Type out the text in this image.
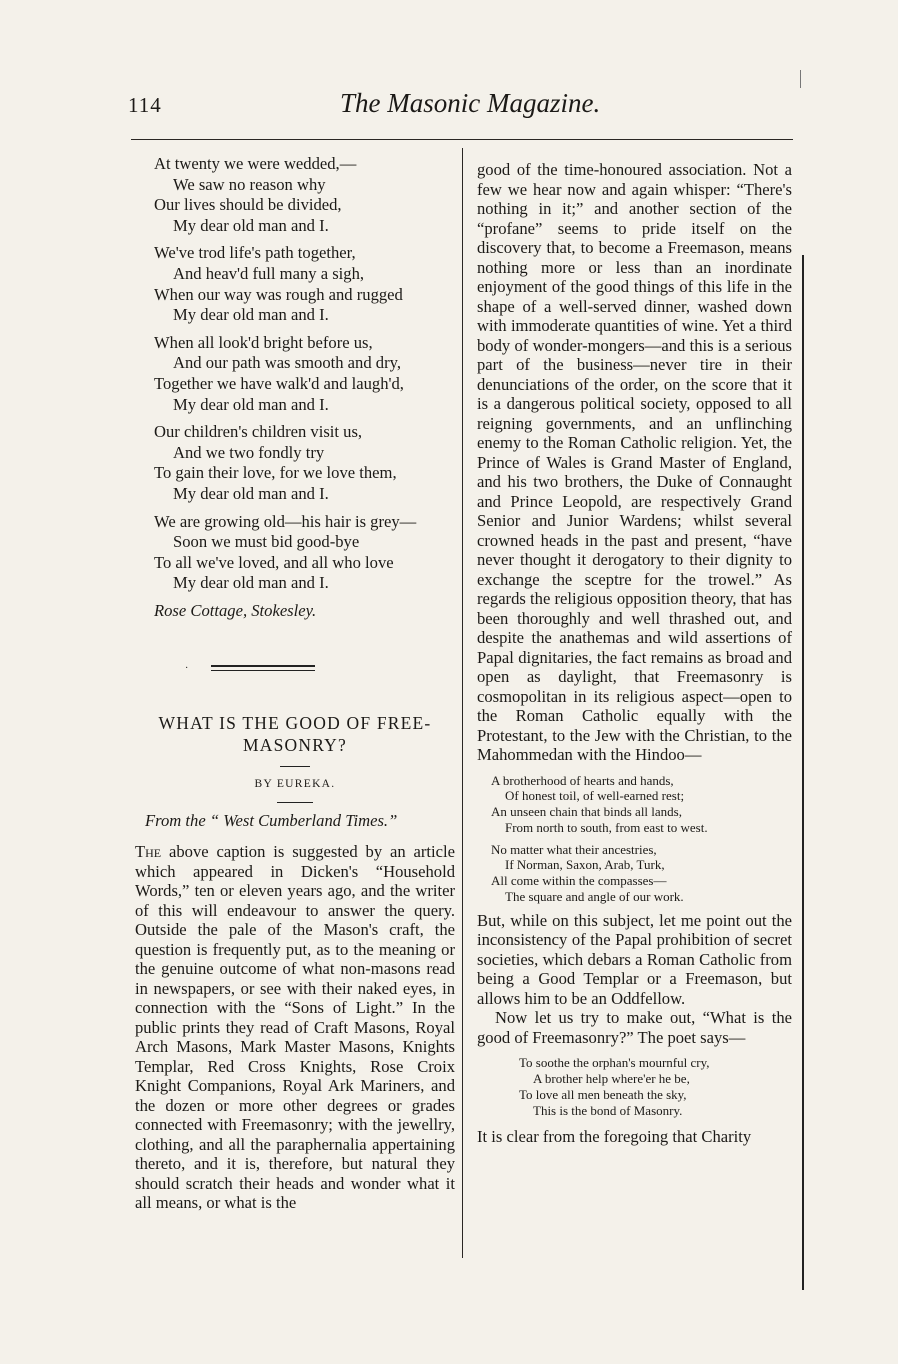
114	The Masonic Magazine.
At twenty we were wedded,—
We saw no reason why
Our lives should be divided,
My dear old man and I.
We've trod life's path together,
And heav'd full many a sigh,
When our way was rough and rugged
My dear old man and I.
When all look'd bright before us,
And our path was smooth and dry,
Together we have walk'd and laugh'd,
My dear old man and I.
Our children's children visit us,
And we two fondly try
To gain their love, for we love them,
My dear old man and I.
We are growing old—his hair is grey—
Soon we must bid good-bye
To all we've loved, and all who love
My dear old man and I.
Rose Cottage, Stokesley.
·
WHAT IS THE GOOD OF FREE-
MASONRY?
BY EUREKA.
From the “ West Cumberland Times.”
The above caption is suggested by an article which appeared in Dicken's “Household Words,” ten or eleven years ago, and the writer of this will endeavour to answer the query. Outside the pale of the Mason's craft, the question is frequently put, as to the meaning or the genuine outcome of what non-masons read in newspapers, or see with their naked eyes, in connection with the “Sons of Light.” In the public prints they read of Craft Masons, Royal Arch Masons, Mark Master Masons, Knights Templar, Red Cross Knights, Rose Croix Knight Companions, Royal Ark Mariners, and the dozen or more other degrees or grades connected with Freemasonry; with the jewellry, clothing, and all the paraphernalia appertaining thereto, and it is, therefore, but natural they should scratch their heads and wonder what it all means, or what is the
good of the time-honoured association. Not a few we hear now and again whisper: “There's nothing in it;” and another section of the “profane” seems to pride itself on the discovery that, to become a Freemason, means nothing more or less than an inordinate enjoyment of the good things of this life in the shape of a well-served dinner, washed down with immoderate quantities of wine. Yet a third body of wonder-mongers—and this is a serious part of the business—never tire in their denunciations of the order, on the score that it is a dangerous political society, opposed to all reigning governments, and an unflinching enemy to the Roman Catholic religion. Yet, the Prince of Wales is Grand Master of England, and his two brothers, the Duke of Connaught and Prince Leopold, are respectively Grand Senior and Junior Wardens; whilst several crowned heads in the past and present, “have never thought it derogatory to their dignity to exchange the sceptre for the trowel.” As regards the religious opposition theory, that has been thoroughly and well thrashed out, and despite the anathemas and wild assertions of Papal dignitaries, the fact remains as broad and open as daylight, that Freemasonry is cosmopolitan in its religious aspect—open to the Roman Catholic equally with the Protestant, to the Jew with the Christian, to the Mahommedan with the Hindoo—
A brotherhood of hearts and hands,
Of honest toil, of well-earned rest;
An unseen chain that binds all lands,
From north to south, from east to west.
No matter what their ancestries,
If Norman, Saxon, Arab, Turk,
All come within the compasses—
The square and angle of our work.
But, while on this subject, let me point out the inconsistency of the Papal prohibition of secret societies, which debars a Roman Catholic from being a Good Templar or a Freemason, but allows him to be an Oddfellow.
Now let us try to make out, “What is the good of Freemasonry?” The poet says—
To soothe the orphan's mournful cry,
A brother help where'er he be,
To love all men beneath the sky,
This is the bond of Masonry.
It is clear from the foregoing that Charity
